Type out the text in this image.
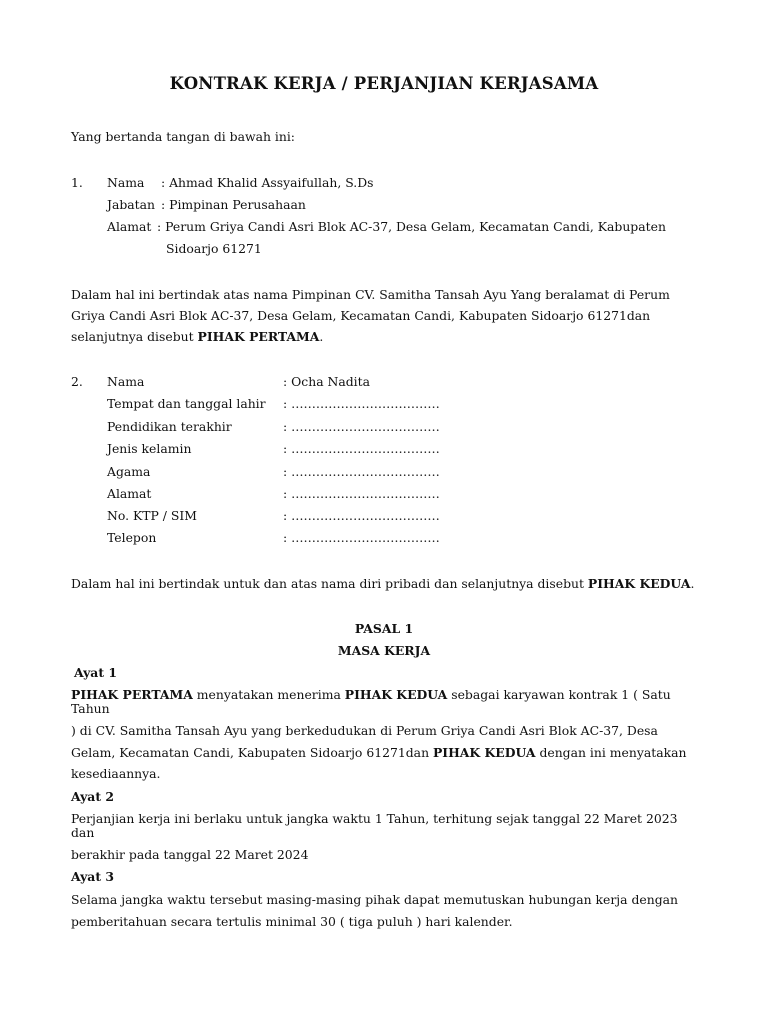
KONTRAK KERJA / PERJANJIAN KERJASAMA
Yang bertanda tangan di bawah ini:
1. Nama : Ahmad Khalid Assyaifullah, S.Ds
Jabatan : Pimpinan Perusahaan
Alamat : Perum Griya Candi Asri Blok AC-37, Desa Gelam, Kecamatan Candi, Kabupaten
Sidoarjo 61271
Dalam hal ini bertindak atas nama Pimpinan CV. Samitha Tansah Ayu Yang beralamat di Perum
Griya Candi Asri Blok AC-37, Desa Gelam, Kecamatan Candi, Kabupaten Sidoarjo 61271dan
selanjutnya disebut PIHAK PERTAMA.
2. Nama	: Ocha Nadita
Tempat dan tanggal lahir : ………………………………
Pendidikan terakhir	: ………………………………
Jenis kelamin	: ………………………………
Agama	: ………………………………
Alamat	: ………………………………
No. KTP / SIM	: ………………………………
Telepon	: ………………………………
Dalam hal ini bertindak untuk dan atas nama diri pribadi dan selanjutnya disebut PIHAK KEDUA.
PASAL 1
MASA KERJA
Ayat 1
PIHAK PERTAMA menyatakan menerima PIHAK KEDUA sebagai karyawan kontrak 1 ( Satu
Tahun
) di CV. Samitha Tansah Ayu yang berkedudukan di Perum Griya Candi Asri Blok AC-37, Desa
Gelam, Kecamatan Candi, Kabupaten Sidoarjo 61271dan PIHAK KEDUA dengan ini menyatakan
kesediaannya.
Ayat 2
Perjanjian kerja ini berlaku untuk jangka waktu 1 Tahun, terhitung sejak tanggal 22 Maret 2023
dan
berakhir pada tanggal 22 Maret 2024
Ayat 3
Selama jangka waktu tersebut masing-masing pihak dapat memutuskan hubungan kerja dengan
pemberitahuan secara tertulis minimal 30 ( tiga puluh ) hari kalender.
